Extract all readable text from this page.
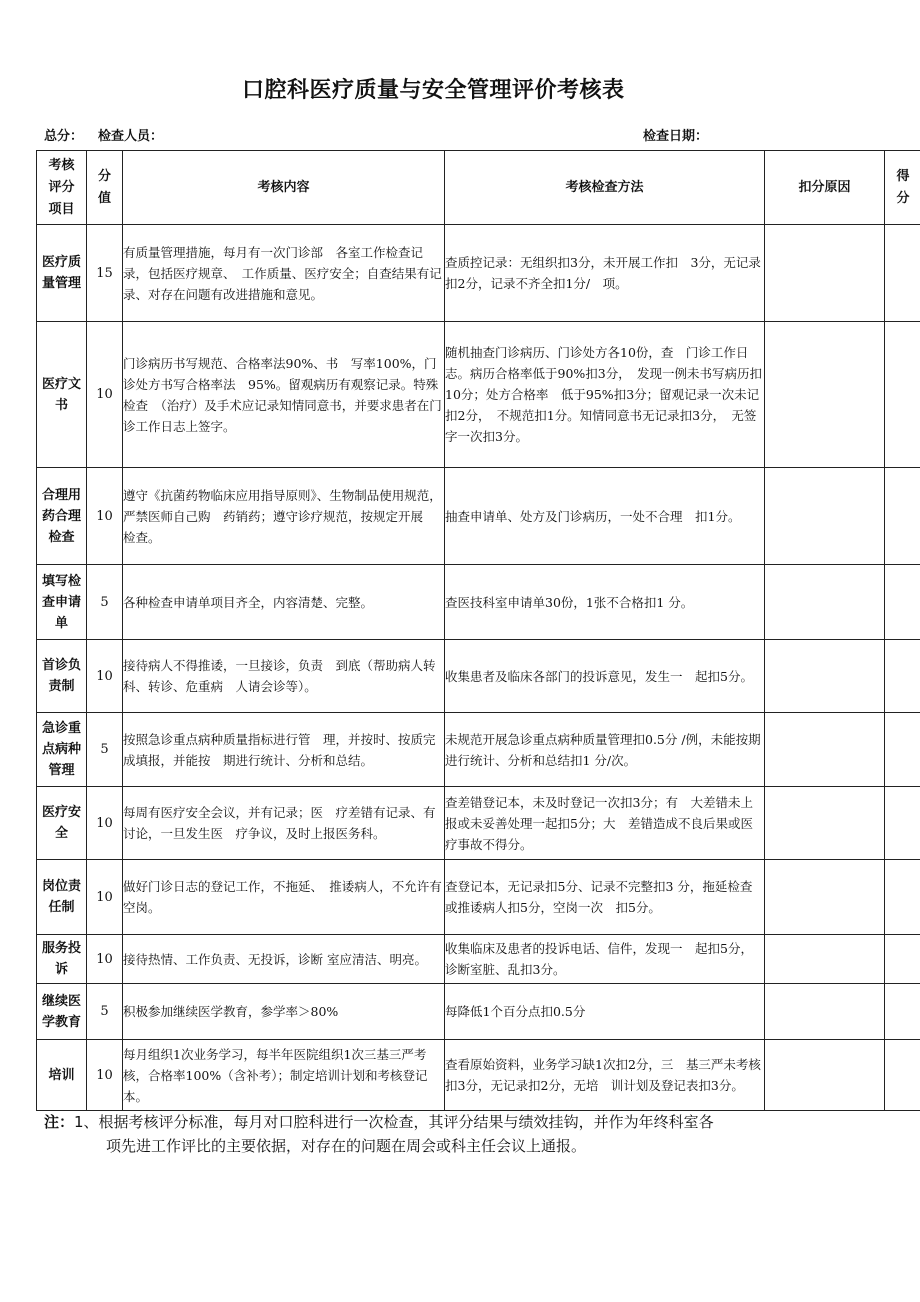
口腔科医疗质量与安全管理评价考核表
总分： 检查人员：	检查日期：
考核评分项目	分值	考核内容	考核检查方法	扣分原因	得分
医疗质量管理	15	有质量管理措施，每月有一次门诊部　各室工作检查记录，包括医疗规章、　工作质量、医疗安全；自查结果有记　录、对存在问题有改进措施和意见。	查质控记录：无组织扣3分，未开展工作扣　3分，无记录扣2分，记录不齐全扣1分/　项。		
医疗文书	10	门诊病历书写规范、合格率法90%、书　写率100%，门诊处方书写合格率法　95%。留观病历有观察记录。特殊检查　（治疗）及手术应记录知情同意书，并要求患者在门诊工作日志上签字。	随机抽查门诊病历、门诊处方各10份，查　门诊工作日志。病历合格率低于90%扣3分，　发现一例未书写病历扣10分；处方合格率　低于95%扣3分；留观记录一次未记扣2分，　不规范扣1分。知情同意书无记录扣3分，　无签字一次扣3分。		
合理用药合理检查	10	遵守《抗菌药物临床应用指导原则》、生物制品使用规范，严禁医师自己购　药销药；遵守诊疗规范，按规定开展　检查。	抽查申请单、处方及门诊病历，一处不合理　扣1分。		
填写检查申请单	5	各种检查申请单项目齐全，内容清楚、完整。	查医技科室申请单30份，1张不合格扣1 分。		
首诊负责制	10	接待病人不得推诿，一旦接诊，负责　到底（帮助病人转科、转诊、危重病　人请会诊等）。	收集患者及临床各部门的投诉意见，发生一　起扣5分。		
急诊重点病种管理	5	按照急诊重点病种质量指标进行管　理，并按时、按质完成填报，并能按　期进行统计、分析和总结。	未规范开展急诊重点病种质量管理扣0.5分 /例，未能按期进行统计、分析和总结扣1 分/次。		
医疗安全	10	每周有医疗安全会议，并有记录；医　疗差错有记录、有讨论，一旦发生医　疗争议，及时上报医务科。	查差错登记本，未及时登记一次扣3分；有　大差错未上报或未妥善处理一起扣5分；大　差错造成不良后果或医疗事故不得分。		
岗位责任制	10	做好门诊日志的登记工作，不拖延、　推诿病人，不允许有空岗。	查登记本，无记录扣5分、记录不完整扣3 分，拖延检查或推诿病人扣5分，空岗一次　扣5分。		
服务投诉	10	接待热情、工作负责、无投诉，诊断 室应清洁、明亮。	收集临床及患者的投诉电话、信件，发现一　起扣5分，诊断室脏、乱扣3分。		
继续医学教育	5	积极参加继续医学教育，参学率＞80%	每降低1个百分点扣0.5分		
培训	10	每月组织1次业务学习，每半年医院组织1次三基三严考核，合格率100%（含补考）；制定培训计划和考核登记本。	查看原始资料，业务学习缺1次扣2分，三　基三严未考核扣3分，无记录扣2分，无培　训计划及登记表扣3分。		
注：1、根据考核评分标准，每月对口腔科进行一次检查，其评分结果与绩效挂钩，并作为年终科室各
项先进工作评比的主要依据，对存在的问题在周会或科主任会议上通报。
